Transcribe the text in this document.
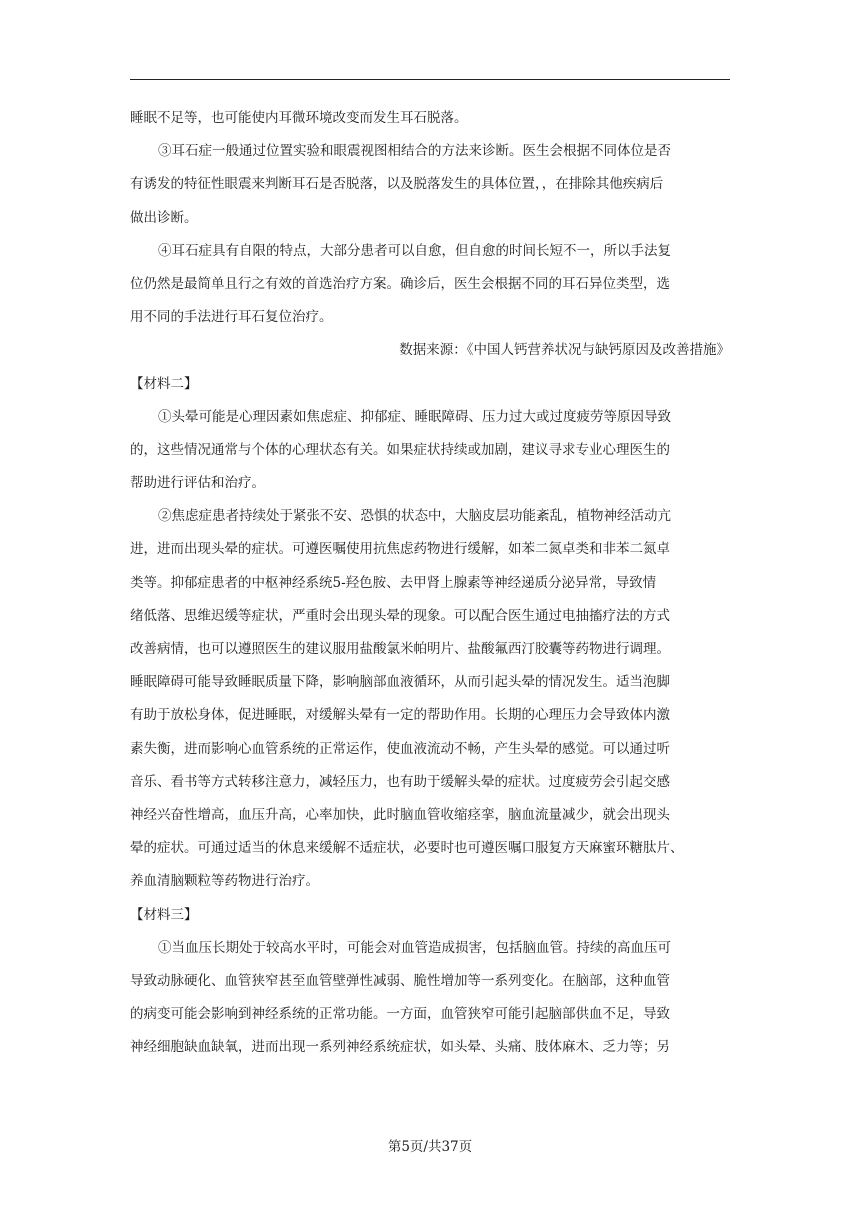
睡眠不足等，也可能使内耳微环境改变而发生耳石脱落。
③耳石症一般通过位置实验和眼震视图相结合的方法来诊断。医生会根据不同体位是否
有诱发的特征性眼震来判断耳石是否脱落，以及脱落发生的具体位置，，在排除其他疾病后
做出诊断。
④耳石症具有自限的特点，大部分患者可以自愈，但自愈的时间长短不一，所以手法复
位仍然是最简单且行之有效的首选治疗方案。确诊后，医生会根据不同的耳石异位类型，选
用不同的手法进行耳石复位治疗。
数据来源：《中国人钙营养状况与缺钙原因及改善措施》
【材料二】
①头晕可能是心理因素如焦虑症、抑郁症、睡眠障碍、压力过大或过度疲劳等原因导致
的，这些情况通常与个体的心理状态有关。如果症状持续或加剧，建议寻求专业心理医生的
帮助进行评估和治疗。
②焦虑症患者持续处于紧张不安、恐惧的状态中，大脑皮层功能紊乱，植物神经活动亢
进，进而出现头晕的症状。可遵医嘱使用抗焦虑药物进行缓解，如苯二氮卓类和非苯二氮卓
类等。抑郁症患者的中枢神经系统5-羟色胺、去甲肾上腺素等神经递质分泌异常，导致情
绪低落、思维迟缓等症状，严重时会出现头晕的现象。可以配合医生通过电抽搐疗法的方式
改善病情，也可以遵照医生的建议服用盐酸氯米帕明片、盐酸氟西汀胶囊等药物进行调理。
睡眠障碍可能导致睡眠质量下降，影响脑部血液循环，从而引起头晕的情况发生。适当泡脚
有助于放松身体，促进睡眠，对缓解头晕有一定的帮助作用。长期的心理压力会导致体内激
素失衡，进而影响心血管系统的正常运作，使血液流动不畅，产生头晕的感觉。可以通过听
音乐、看书等方式转移注意力，减轻压力，也有助于缓解头晕的症状。过度疲劳会引起交感
神经兴奋性增高，血压升高，心率加快，此时脑血管收缩痉挛，脑血流量减少，就会出现头
晕的症状。可通过适当的休息来缓解不适症状，必要时也可遵医嘱口服复方天麻蜜环糖肽片、
养血清脑颗粒等药物进行治疗。
【材料三】
①当血压长期处于较高水平时，可能会对血管造成损害，包括脑血管。持续的高血压可
导致动脉硬化、血管狭窄甚至血管壁弹性减弱、脆性增加等一系列变化。在脑部，这种血管
的病变可能会影响到神经系统的正常功能。一方面，血管狭窄可能引起脑部供血不足，导致
神经细胞缺血缺氧，进而出现一系列神经系统症状，如头晕、头痛、肢体麻木、乏力等；另
第5页/共37页
